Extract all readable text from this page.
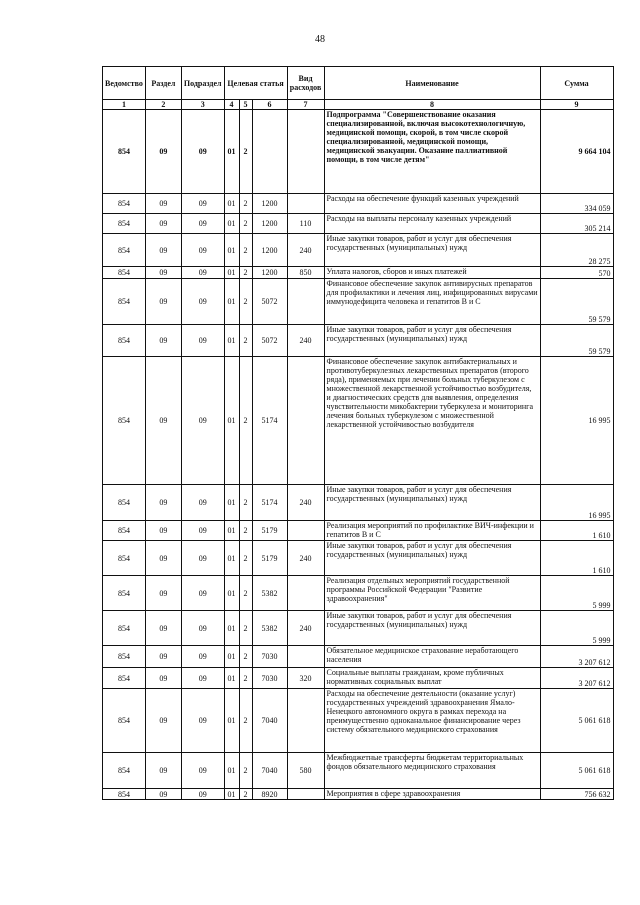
48
Ведомство	Раздел	Подраздел	Целевая статья			Вид расходов	Наименование	Сумма
1	2	3	4	5	6	7	8	9
854	09	09	01	2			Подпрограмма "Совершенствование оказания специализированной, включая высокотехнологичную, медицинской помощи, скорой, в том числе скорой специализированной, медицинской помощи, медицинской эвакуации. Оказание паллиативной помощи, в том числе детям"	9 664 104
854	09	09	01	2	1200		Расходы на обеспечение функций казенных учреждений	334 059
854	09	09	01	2	1200	110	Расходы на выплаты персоналу казенных учреждений	305 214
854	09	09	01	2	1200	240	Иные закупки товаров, работ и услуг для обеспечения государственных (муниципальных) нужд	28 275
854	09	09	01	2	1200	850	Уплата налогов, сборов и иных платежей	570
854	09	09	01	2	5072		Финансовое обеспечение закупок антивирусных препаратов для профилактики и лечения лиц, инфицированных вирусами иммунодефицита человека и гепатитов В и С	59 579
854	09	09	01	2	5072	240	Иные закупки товаров, работ и услуг для обеспечения государственных (муниципальных) нужд	59 579
854	09	09	01	2	5174		Финансовое обеспечение закупок антибактериальных и противотуберкулезных лекарственных препаратов (второго ряда), применяемых при лечении больных туберкулезом с множественной лекарственной устойчивостью возбудителя, и диагностических средств для выявления, определения чувствительности микобактерии туберкулеза и мониторинга лечения больных туберкулезом с множественной лекарственной устойчивостью возбудителя	16 995
854	09	09	01	2	5174	240	Иные закупки товаров, работ и услуг для обеспечения государственных (муниципальных) нужд	16 995
854	09	09	01	2	5179		Реализация мероприятий по профилактике ВИЧ-инфекции и гепатитов В и С	1 610
854	09	09	01	2	5179	240	Иные закупки товаров, работ и услуг для обеспечения государственных (муниципальных) нужд	1 610
854	09	09	01	2	5382		Реализация отдельных мероприятий государственной программы Российской Федерации "Развитие здравоохранения"	5 999
854	09	09	01	2	5382	240	Иные закупки товаров, работ и услуг для обеспечения государственных (муниципальных) нужд	5 999
854	09	09	01	2	7030		Обязательное медицинское страхование неработающего населения	3 207 612
854	09	09	01	2	7030	320	Социальные выплаты гражданам, кроме публичных нормативных социальных выплат	3 207 612
854	09	09	01	2	7040		Расходы на обеспечение деятельности (оказание услуг) государственных учреждений здравоохранения Ямало-Ненецкого автономного округа в рамках перехода на преимущественно одноканальное финансирование через систему обязательного медицинского страхования	5 061 618
854	09	09	01	2	7040	580	Межбюджетные трансферты бюджетам территориальных фондов обязательного медицинского страхования	5 061 618
854	09	09	01	2	8920		Мероприятия в сфере здравоохранения	756 632
